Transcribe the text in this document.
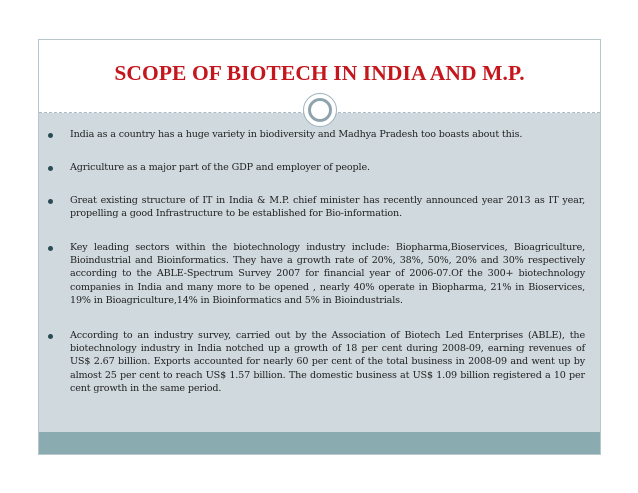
SCOPE OF BIOTECH IN INDIA AND M.P.

India as a country has a huge variety in biodiversity and Madhya Pradesh too boasts about this.

Agriculture as a major part of the GDP and employer of people.

Great existing structure of IT in India & M.P. chief minister has recently announced year 2013 as IT year, propelling a good Infrastructure to be established for Bio-information.

Key leading sectors within the biotechnology industry include: Biopharma,Bioservices, Bioagriculture, Bioindustrial and Bioinformatics. They have a growth rate of 20%, 38%, 50%, 20% and 30% respectively according to the ABLE-Spectrum Survey 2007 for financial year of 2006-07.Of the 300+ biotechnology companies in India and many more to be opened , nearly 40% operate in Biopharma, 21% in Bioservices, 19% in Bioagriculture,14% in Bioinformatics and 5% in Bioindustrials.

According to an industry survey, carried out by the Association of Biotech Led Enterprises (ABLE), the biotechnology industry in India notched up a growth of 18 per cent during 2008-09, earning revenues of US$ 2.67 billion. Exports accounted for nearly 60 per cent of the total business in 2008-09 and went up by almost 25 per cent to reach US$ 1.57 billion. The domestic business at US$ 1.09 billion registered a 10 per cent growth in the same period.
